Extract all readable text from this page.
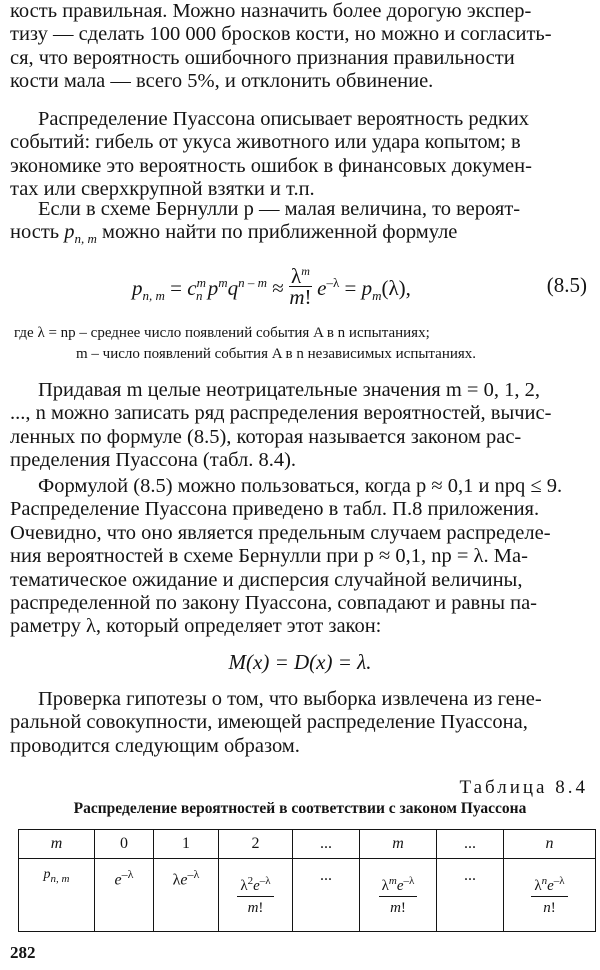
кость правильная. Можно назначить более дорогую экспер-
тизу — сделать 100 000 бросков кости, но можно и согласить-
ся, что вероятность ошибочного признания правильности
кости мала — всего 5%, и отклонить обвинение.
Распределение Пуассона описывает вероятность редких
событий: гибель от укуса животного или удара копытом; в
экономике это вероятность ошибок в финансовых докумен-
тах или сверхкрупной взятки и т.п.
Если в схеме Бернулли p — малая величина, то вероят-
ность $p_{n, m}$ можно найти по приближенной формуле
$p_{n, m} = c^m_n$ $p^mq^{n - m} \approx \frac{\lambda^m}{m!} e^{-\lambda} = p_m(\lambda)$,	(8.5)
где λ = np – среднее число появлений события A в n испытаниях;
m – число появлений события A в n независимых испытаниях.
Придавая m целые неотрицательные значения m = 0, 1, 2,
..., n можно записать ряд распределения вероятностей, вычис-
ленных по формуле (8.5), которая называется законом рас-
пределения Пуассона (табл. 8.4).
Формулой (8.5) можно пользоваться, когда p ≈ 0,1 и npq ≤ 9.
Распределение Пуассона приведено в табл. П.8 приложения.
Очевидно, что оно является предельным случаем распределе-
ния вероятностей в схеме Бернулли при p ≈ 0,1, np = λ. Ма-
тематическое ожидание и дисперсия случайной величины,
распределенной по закону Пуассона, совпадают и равны па-
раметру λ, который определяет этот закон:
M(x) = D(x) = λ.
Проверка гипотезы о том, что выборка извлечена из гене-
ральной совокупности, имеющей распределение Пуассона,
проводится следующим образом.
Таблица 8.4
Распределение вероятностей в соответствии с законом Пуассона
m	0	1	2	...	m	...	n
$p_{n, m}$	$e^{-\lambda}$	$\lambda e^{-\lambda}$	$\frac{\lambda^2e^{-\lambda}}{m!}$	...	$\frac{\lambda^me^{-\lambda}}{m!}$	...	$\frac{\lambda^ne^{-\lambda}}{n!}$
282
